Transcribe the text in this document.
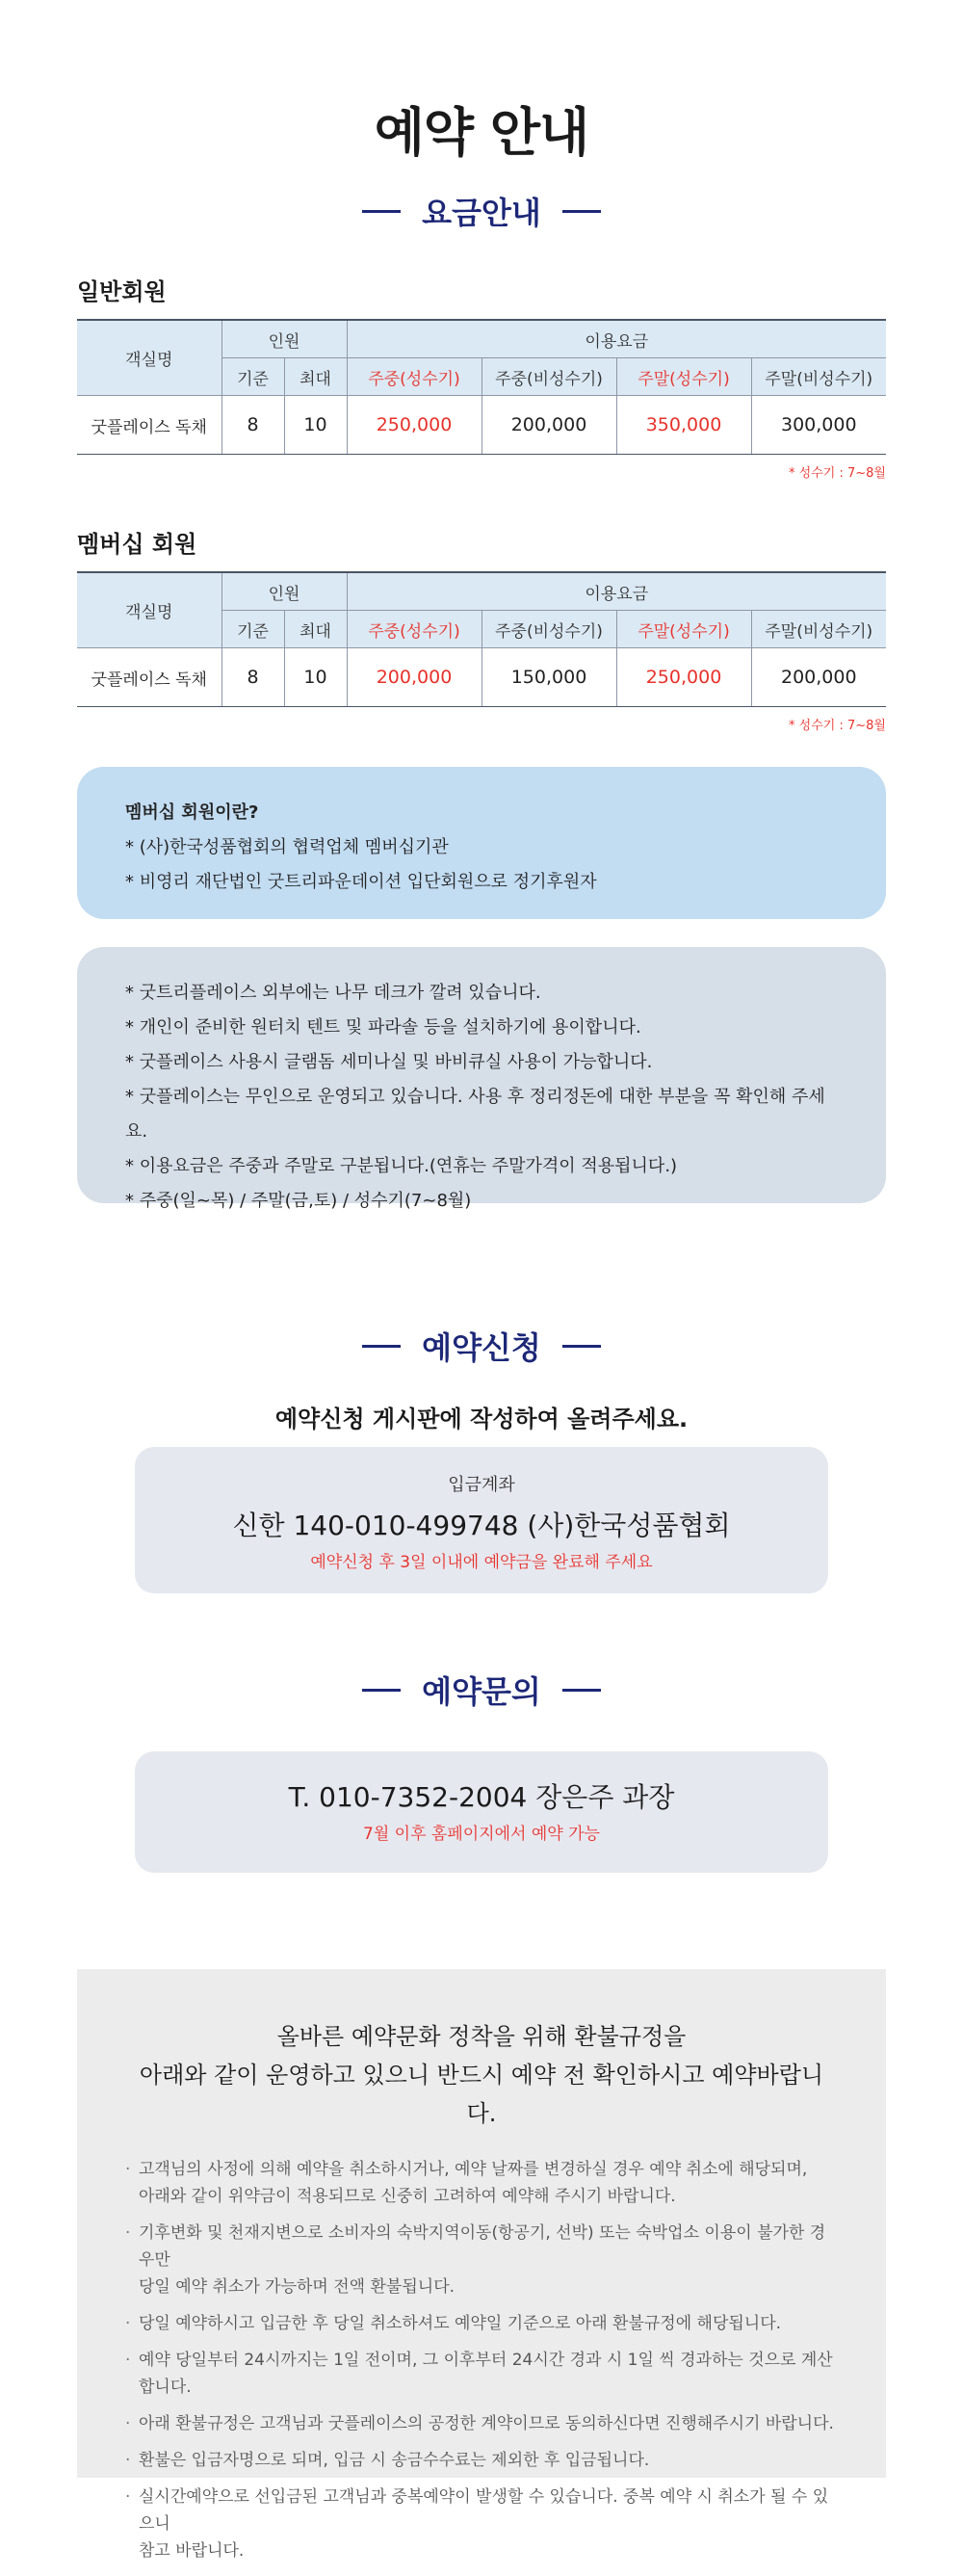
예약 안내
요금안내
일반회원
객실명	인원		이용요금			
	기준	최대	주중(성수기)	주중(비성수기)	주말(성수기)	주말(비성수기)
굿플레이스 독채	8	10	250,000	200,000	350,000	300,000
* 성수기 : 7~8월
멤버십 회원
객실명	인원		이용요금			
	기준	최대	주중(성수기)	주중(비성수기)	주말(성수기)	주말(비성수기)
굿플레이스 독채	8	10	200,000	150,000	250,000	200,000
* 성수기 : 7~8월

멤버십 회원이란?

* (사)한국성품협회의 협력업체 멤버십기관

* 비영리 재단법인 굿트리파운데이션 입단회원으로 정기후원자

* 굿트리플레이스 외부에는 나무 데크가 깔려 있습니다.

* 개인이 준비한 원터치 텐트 및 파라솔 등을 설치하기에 용이합니다.

* 굿플레이스 사용시 글램돔 세미나실 및 바비큐실 사용이 가능합니다.

* 굿플레이스는 무인으로 운영되고 있습니다. 사용 후 정리정돈에 대한 부분을 꼭 확인해 주세요.

* 이용요금은 주중과 주말로 구분됩니다.(연휴는 주말가격이 적용됩니다.)

* 주중(일~목) / 주말(금,토) / 성수기(7~8월)

예약신청
예약신청 게시판에 작성하여 올려주세요.
입금계좌
신한 140-010-499748 (사)한국성품협회
예약신청 후 3일 이내에 예약금을 완료해 주세요
예약문의
T. 010-7352-2004 장은주 과장
7월 이후 홈페이지에서 예약 가능
올바른 예약문화 정착을 위해 환불규정을
아래와 같이 운영하고 있으니 반드시 예약 전 확인하시고 예약바랍니다.
· 고객님의 사정에 의해 예약을 취소하시거나, 예약 날짜를 변경하실 경우 예약 취소에 해당되며,
아래와 같이 위약금이 적용되므로 신중히 고려하여 예약해 주시기 바랍니다.
· 기후변화 및 천재지변으로 소비자의 숙박지역이동(항공기, 선박) 또는 숙박업소 이용이 불가한 경우만
당일 예약 취소가 가능하며 전액 환불됩니다.
· 당일 예약하시고 입금한 후 당일 취소하셔도 예약일 기준으로 아래 환불규정에 해당됩니다.
· 예약 당일부터 24시까지는 1일 전이며, 그 이후부터 24시간 경과 시 1일 씩 경과하는 것으로 계산합니다.
· 아래 환불규정은 고객님과 굿플레이스의 공정한 계약이므로 동의하신다면 진행해주시기 바랍니다.
· 환불은 입금자명으로 되며, 입금 시 송금수수료는 제외한 후 입금됩니다.
· 실시간예약으로 선입금된 고객님과 중복예약이 발생할 수 있습니다. 중복 예약 시 취소가 될 수 있으니
참고 바랍니다.
